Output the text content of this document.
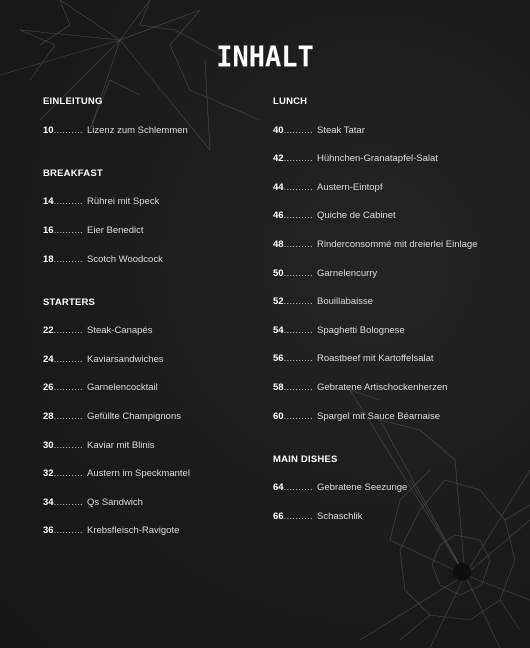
INHALT
EINLEITUNG
10.......... Lizenz zum Schlemmen
BREAKFAST
14.......... Rührei mit Speck
16.......... Eier Benedict
18.......... Scotch Woodcock
STARTERS
22.......... Steak-Canapés
24.......... Kaviarsandwiches
26.......... Garnelencocktail
28.......... Gefüllte Champignons
30.......... Kaviar mit Blinis
32.......... Austern im Speckmantel
34.......... Qs Sandwich
36.......... Krebsfleisch-Ravigote
LUNCH
40.......... Steak Tatar
42.......... Hühnchen-Granatapfel-Salat
44.......... Austern-Eintopf
46.......... Quiche de Cabinet
48.......... Rinderconsommé mit dreierlei Einlage
50.......... Garnelencurry
52.......... Bouillabaisse
54.......... Spaghetti Bolognese
56.......... Roastbeef mit Kartoffelsalat
58.......... Gebratene Artischockenherzen
60.......... Spargel mit Sauce Béarnaise
MAIN DISHES
64.......... Gebratene Seezunge
66.......... Schaschlik
